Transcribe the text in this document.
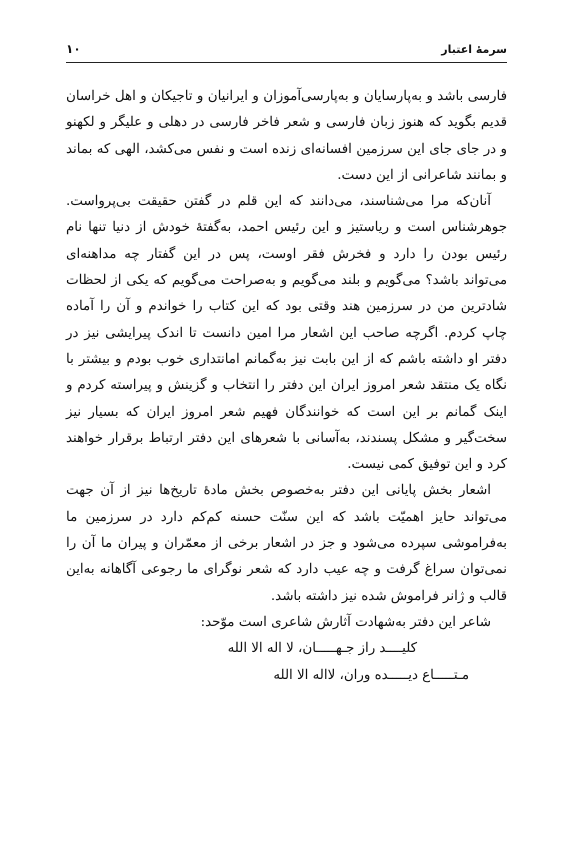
سرمهٔ اعتبار
۱۰

فارسی باشد و به‌پارسایان و به‌پارسی‌آموزان و ایرانیان و تاجیکان و اهل خراسان قدیم بگوید که هنوز زبان فارسی و شعر فاخر فارسی در دهلی و علیگر و لکهنو و در جای جای این سرزمین افسانه‌ای زنده است و نفس می‌کشد، الهی که بماند و بمانند شاعرانی از این دست.

آنان‌که مرا می‌شناسند، می‌دانند که این قلم در گفتن حقیقت بی‌پرواست. جوهرشناس است و ریاستیز و این رئیس احمد، به‌گفتهٔ خودش از دنیا تنها نام رئیس بودن را دارد و فخرش فقر اوست، پس در این گفتار چه مداهنه‌ای می‌تواند باشد؟ می‌گویم و بلند می‌گویم و به‌صراحت می‌گویم که یکی از لحظات شادترین من در سرزمین هند وقتی بود که این کتاب را خواندم و آن را آماده چاپ کردم. اگرچه صاحب این اشعار مرا امین دانست تا اندک پیرایشی نیز در دفتر او داشته باشم که از این بابت نیز به‌گمانم امانتداری خوب بودم و بیشتر با نگاه یک منتقد شعر امروز ایران این دفتر را انتخاب و گزینش و پیراسته کردم و اینک گمانم بر این است که خوانندگان فهیم شعر امروز ایران که بسیار نیز سخت‌گیر و مشکل پسندند، به‌آسانی با شعرهای این دفتر ارتباط برقرار خواهند کرد و این توفیق کمی نیست.

اشعار بخش پایانی این دفتر به‌خصوص بخش مادهٔ تاریخ‌ها نیز از آن جهت می‌تواند حایز اهمیّت باشد که این سنّت حسنه کم‌کم دارد در سرزمین ما به‌فراموشی سپرده می‌شود و جز در اشعار برخی از معمّران و پیران ما آن را نمی‌توان سراغ گرفت و چه عیب دارد که شعر نوگرای ما رجوعی آگاهانه به‌این قالب و ژانر فراموش شده نیز داشته باشد.

شاعر این دفتر به‌شهادت آثارش شاعری است موّحد:

کلیــــد راز جـهـــــان، لا اله الا الله
مـتـــــاع دیـــــده وران، لااله الا الله
